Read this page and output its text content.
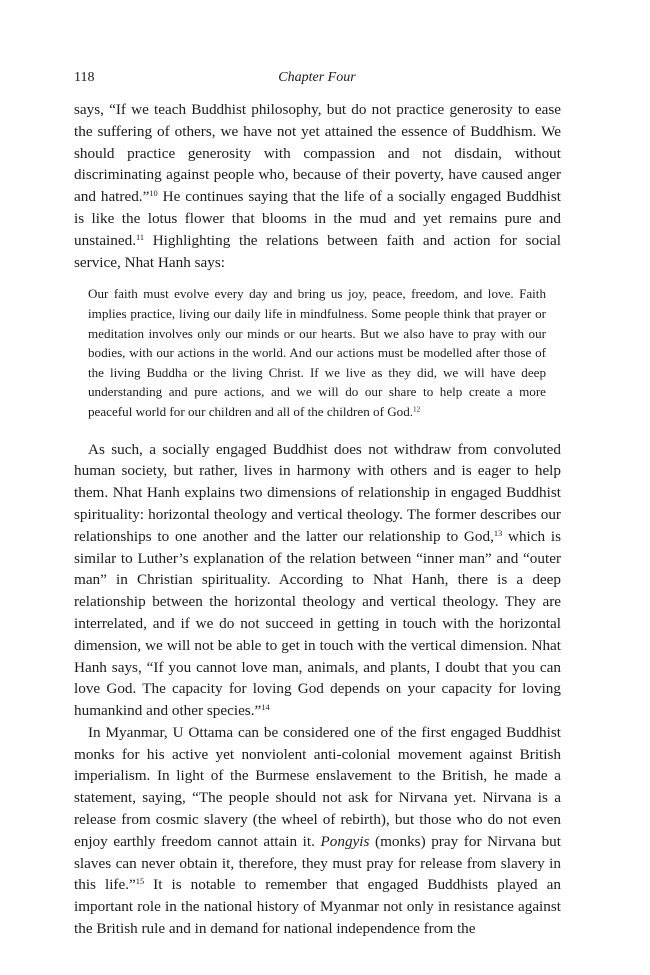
118	Chapter Four

says, “If we teach Buddhist philosophy, but do not practice generosity to ease the suffering of others, we have not yet attained the essence of Buddhism. We should practice generosity with compassion and not disdain, without discriminating against people who, because of their poverty, have caused anger and hatred.”$^{10}$ He continues saying that the life of a socially engaged Buddhist is like the lotus flower that blooms in the mud and yet remains pure and unstained.$^{11}$ Highlighting the relations between faith and action for social service, Nhat Hanh says:

Our faith must evolve every day and bring us joy, peace, freedom, and love. Faith implies practice, living our daily life in mindfulness. Some people think that prayer or meditation involves only our minds or our hearts. But we also have to pray with our bodies, with our actions in the world. And our actions must be modelled after those of the living Buddha or the living Christ. If we live as they did, we will have deep understanding and pure actions, and we will do our share to help create a more peaceful world for our children and all of the children of God.$^{12}$

As such, a socially engaged Buddhist does not withdraw from convoluted human society, but rather, lives in harmony with others and is eager to help them. Nhat Hanh explains two dimensions of relationship in engaged Buddhist spirituality: horizontal theology and vertical theology. The former describes our relationships to one another and the latter our relationship to God,$^{13}$ which is similar to Luther’s explanation of the relation between “inner man” and “outer man” in Christian spirituality. According to Nhat Hanh, there is a deep relationship between the horizontal theology and vertical theology. They are interrelated, and if we do not succeed in getting in touch with the horizontal dimension, we will not be able to get in touch with the vertical dimension. Nhat Hanh says, “If you cannot love man, animals, and plants, I doubt that you can love God. The capacity for loving God depends on your capacity for loving humankind and other species.”$^{14}$

In Myanmar, U Ottama can be considered one of the first engaged Buddhist monks for his active yet nonviolent anti-colonial movement against British imperialism. In light of the Burmese enslavement to the British, he made a statement, saying, “The people should not ask for Nirvana yet. Nirvana is a release from cosmic slavery (the wheel of rebirth), but those who do not even enjoy earthly freedom cannot attain it. Pongyis (monks) pray for Nirvana but slaves can never obtain it, therefore, they must pray for release from slavery in this life.”$^{15}$ It is notable to remember that engaged Buddhists played an important role in the national history of Myanmar not only in resistance against the British rule and in demand for national independence from the
